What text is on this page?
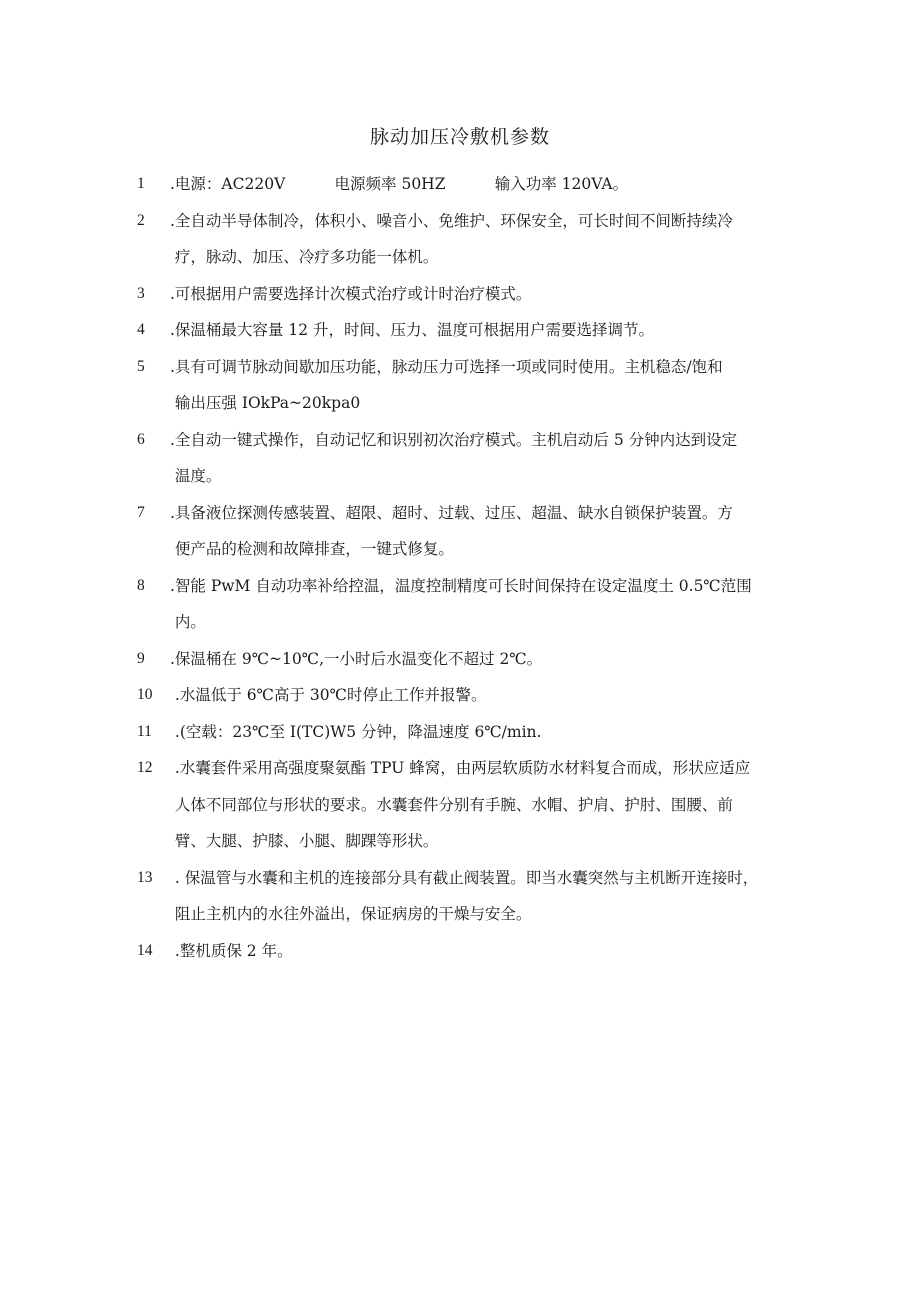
脉动加压冷敷机参数
1 .电源：AC220V          电源频率 50HZ          输入功率 120VA。
2 .全自动半导体制冷，体积小、噪音小、免维护、环保安全，可长时间不间断持续冷
疗，脉动、加压、冷疗多功能一体机。
3 .可根据用户需要选择计次模式治疗或计时治疗模式。
4 .保温桶最大容量 12 升，时间、压力、温度可根据用户需要选择调节。
5 .具有可调节脉动间歇加压功能，脉动压力可选择一项或同时使用。主机稳态/饱和
输出压强 IOkPa~20kpa0
6 .全自动一键式操作，自动记忆和识别初次治疗模式。主机启动后 5 分钟内达到设定
温度。
7 .具备液位探测传感装置、超限、超时、过载、过压、超温、缺水自锁保护装置。方
便产品的检测和故障排查，一键式修复。
8 .智能 PwM 自动功率补给控温，温度控制精度可长时间保持在设定温度土 0.5℃范围
内。
9 .保温桶在 9℃~10℃,一小时后水温变化不超过 2℃。
10 .水温低于 6℃高于 30℃时停止工作并报警。
11 .(空载：23℃至 I(TC)W5 分钟，降温速度 6℃/min.
12 .水囊套件采用高强度聚氨酯 TPU 蜂窝，由两层软质防水材料复合而成，形状应适应
人体不同部位与形状的要求。水囊套件分别有手腕、水帽、护肩、护肘、围腰、前
臂、大腿、护膝、小腿、脚踝等形状。
13 . 保温管与水囊和主机的连接部分具有截止阀装置。即当水囊突然与主机断开连接时，
阻止主机内的水往外溢出，保证病房的干燥与安全。
14 .整机质保 2 年。
